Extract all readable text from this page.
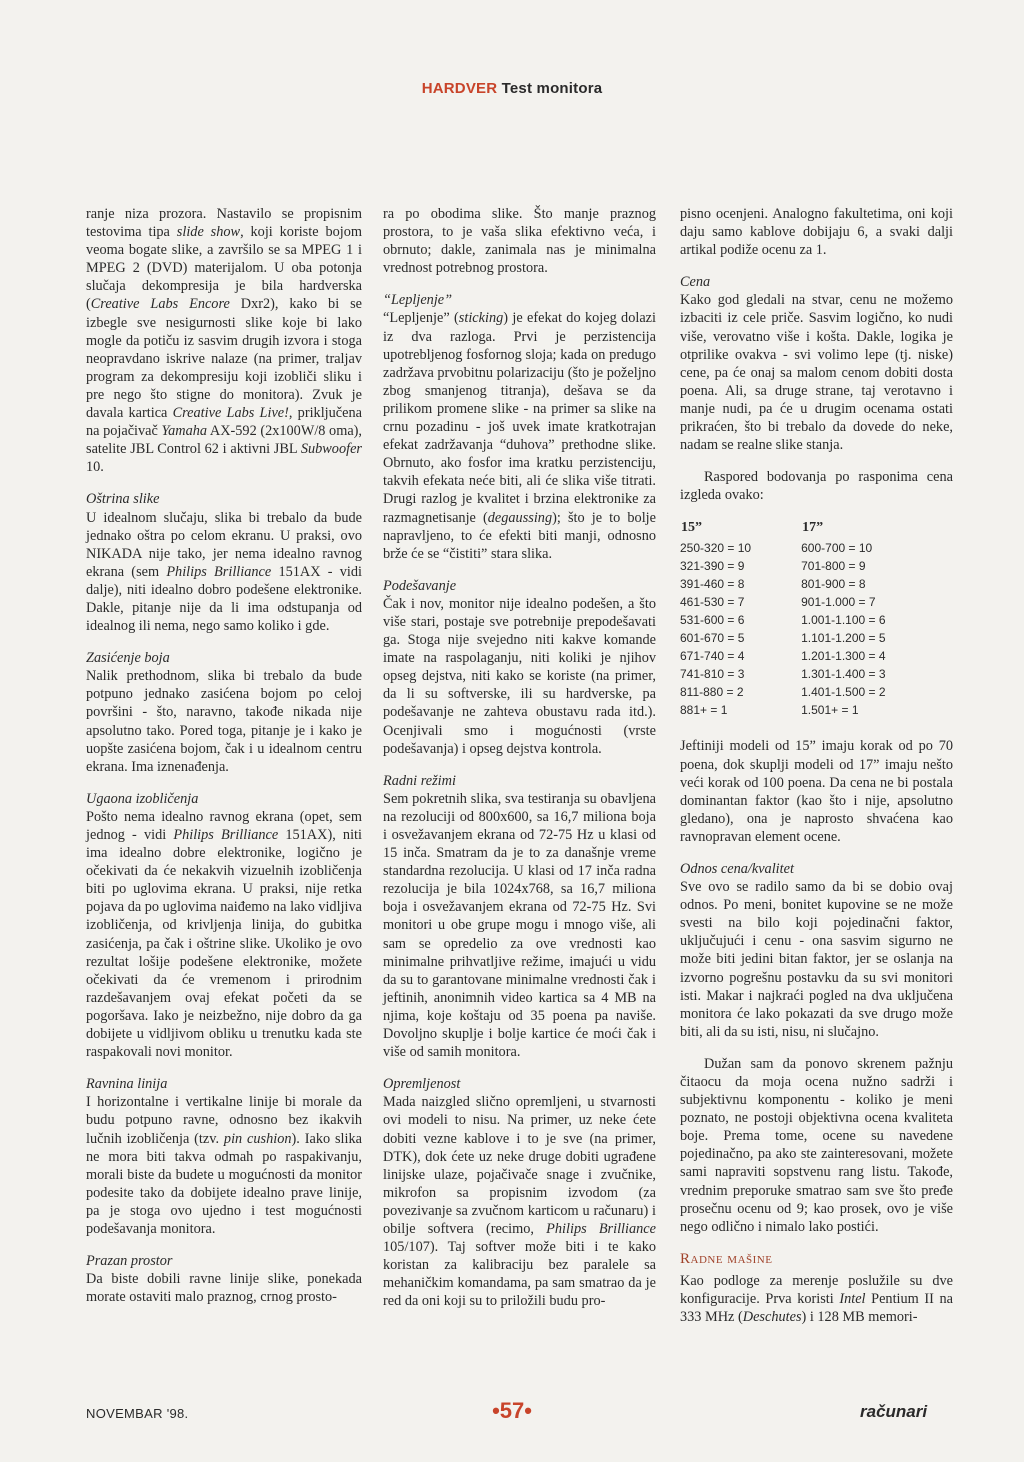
HARDVER Test monitora

ranje niza prozora. Nastavilo se propisnim testovima tipa slide show, koji koriste bojom veoma bogate slike, a završilo se sa MPEG 1 i MPEG 2 (DVD) materijalom. U oba potonja slučaja dekompresija je bila hardverska (Creative Labs Encore Dxr2), kako bi se izbegle sve nesigurnosti slike koje bi lako mogle da potiču iz sasvim drugih izvora i stoga neopravdano iskrive nalaze (na primer, traljav program za dekompresiju koji izobliči sliku i pre nego što stigne do monitora). Zvuk je davala kartica Creative Labs Live!, priključena na pojačivač Yamaha AX-592 (2x100W/8 oma), satelite JBL Control 62 i aktivni JBL Subwoofer 10.

Oštrina slike
U idealnom slučaju, slika bi trebalo da bude jednako oštra po celom ekranu. U praksi, ovo NIKADA nije tako, jer nema idealno ravnog ekrana (sem Philips Brilliance 151AX - vidi dalje), niti idealno dobro podešene elektronike. Dakle, pitanje nije da li ima odstupanja od idealnog ili nema, nego samo koliko i gde.

Zasićenje boja
Nalik prethodnom, slika bi trebalo da bude potpuno jednako zasićena bojom po celoj površini - što, naravno, takođe nikada nije apsolutno tako. Pored toga, pitanje je i kako je uopšte zasićena bojom, čak i u idealnom centru ekrana. Ima iznenađenja.

Ugaona izobličenja
Pošto nema idealno ravnog ekrana (opet, sem jednog - vidi Philips Brilliance 151AX), niti ima idealno dobre elektronike, logično je očekivati da će nekakvih vizuelnih izobličenja biti po uglovima ekrana. U praksi, nije retka pojava da po uglovima naiđemo na lako vidljiva izobličenja, od krivljenja linija, do gubitka zasićenja, pa čak i oštrine slike. Ukoliko je ovo rezultat lošije podešene elektronike, možete očekivati da će vremenom i prirodnim razdešavanjem ovaj efekat početi da se pogoršava. Iako je neizbežno, nije dobro da ga dobijete u vidljivom obliku u trenutku kada ste raspakovali novi monitor.

Ravnina linija
I horizontalne i vertikalne linije bi morale da budu potpuno ravne, odnosno bez ikakvih lučnih izobličenja (tzv. pin cushion). Iako slika ne mora biti takva odmah po raspakivanju, morali biste da budete u mogućnosti da monitor podesite tako da dobijete idealno prave linije, pa je stoga ovo ujedno i test mogućnosti podešavanja monitora.

Prazan prostor
Da biste dobili ravne linije slike, ponekada morate ostaviti malo praznog, crnog prosto-

ra po obodima slike. Što manje praznog prostora, to je vaša slika efektivno veća, i obrnuto; dakle, zanimala nas je minimalna vrednost potrebnog prostora.

“Lepljenje”
“Lepljenje” (sticking) je efekat do kojeg dolazi iz dva razloga. Prvi je perzistencija upotrebljenog fosfornog sloja; kada on predugo zadržava prvobitnu polarizaciju (što je poželjno zbog smanjenog titranja), dešava se da prilikom promene slike - na primer sa slike na crnu pozadinu - još uvek imate kratkotrajan efekat zadržavanja “duhova” prethodne slike. Obrnuto, ako fosfor ima kratku perzistenciju, takvih efekata neće biti, ali će slika više titrati. Drugi razlog je kvalitet i brzina elektronike za razmagnetisanje (degaussing); što je to bolje napravljeno, to će efekti biti manji, odnosno brže će se “čistiti” stara slika.

Podešavanje
Čak i nov, monitor nije idealno podešen, a što više stari, postaje sve potrebnije prepodešavati ga. Stoga nije svejedno niti kakve komande imate na raspolaganju, niti koliki je njihov opseg dejstva, niti kako se koriste (na primer, da li su softverske, ili su hardverske, pa podešavanje ne zahteva obustavu rada itd.). Ocenjivali smo i mogućnosti (vrste podešavanja) i opseg dejstva kontrola.

Radni režimi
Sem pokretnih slika, sva testiranja su obavljena na rezoluciji od 800x600, sa 16,7 miliona boja i osvežavanjem ekrana od 72-75 Hz u klasi od 15 inča. Smatram da je to za današnje vreme standardna rezolucija. U klasi od 17 inča radna rezolucija je bila 1024x768, sa 16,7 miliona boja i osvežavanjem ekrana od 72-75 Hz. Svi monitori u obe grupe mogu i mnogo više, ali sam se opredelio za ove vrednosti kao minimalne prihvatljive režime, imajući u vidu da su to garantovane minimalne vrednosti čak i jeftinih, anonimnih video kartica sa 4 MB na njima, koje koštaju od 35 poena pa naviše. Dovoljno skuplje i bolje kartice će moći čak i više od samih monitora.

Opremljenost
Mada naizgled slično opremljeni, u stvarnosti ovi modeli to nisu. Na primer, uz neke ćete dobiti vezne kablove i to je sve (na primer, DTK), dok ćete uz neke druge dobiti ugrađene linijske ulaze, pojačivače snage i zvučnike, mikrofon sa propisnim izvodom (za povezivanje sa zvučnom karticom u računaru) i obilje softvera (recimo, Philips Brilliance 105/107). Taj softver može biti i te kako koristan za kalibraciju bez paralele sa mehaničkim komandama, pa sam smatrao da je red da oni koji su to priložili budu pro-

pisno ocenjeni. Analogno fakultetima, oni koji daju samo kablove dobijaju 6, a svaki dalji artikal podiže ocenu za 1.

Cena
Kako god gledali na stvar, cenu ne možemo izbaciti iz cele priče. Sasvim logično, ko nudi više, verovatno više i košta. Dakle, logika je otprilike ovakva - svi volimo lepe (tj. niske) cene, pa će onaj sa malom cenom dobiti dosta poena. Ali, sa druge strane, taj verotavno i manje nudi, pa će u drugim ocenama ostati prikraćen, što bi trebalo da dovede do neke, nadam se realne slike stanja.

Raspored bodovanja po rasponima cena izgleda ovako:

15”	17”
250-320 = 10	600-700 = 10
321-390 = 9	701-800 = 9
391-460 = 8	801-900 = 8
461-530 = 7	901-1.000 = 7
531-600 = 6	1.001-1.100 = 6
601-670 = 5	1.101-1.200 = 5
671-740 = 4	1.201-1.300 = 4
741-810 = 3	1.301-1.400 = 3
811-880 = 2	1.401-1.500 = 2
881+ = 1	1.501+ = 1

Jeftiniji modeli od 15” imaju korak od po 70 poena, dok skuplji modeli od 17” imaju nešto veći korak od 100 poena. Da cena ne bi postala dominantan faktor (kao što i nije, apsolutno gledano), ona je naprosto shvaćena kao ravnopravan element ocene.

Odnos cena/kvalitet
Sve ovo se radilo samo da bi se dobio ovaj odnos. Po meni, bonitet kupovine se ne može svesti na bilo koji pojedinačni faktor, uključujući i cenu - ona sasvim sigurno ne može biti jedini bitan faktor, jer se oslanja na izvorno pogrešnu postavku da su svi monitori isti. Makar i najkraći pogled na dva uključena monitora će lako pokazati da sve drugo može biti, ali da su isti, nisu, ni slučajno.

Dužan sam da ponovo skrenem pažnju čitaocu da moja ocena nužno sadrži i subjektivnu komponentu - koliko je meni poznato, ne postoji objektivna ocena kvaliteta boje. Prema tome, ocene su navedene pojedinačno, pa ako ste zainteresovani, možete sami napraviti sopstvenu rang listu. Takođe, vrednim preporuke smatrao sam sve što pređe prosečnu ocenu od 9; kao prosek, ovo je više nego odlično i nimalo lako postići.

Radne mašine
Kao podloge za merenje poslužile su dve konfiguracije. Prva koristi Intel Pentium II na 333 MHz (Deschutes) i 128 MB memori-

NOVEMBAR '98.	•57•	računari
